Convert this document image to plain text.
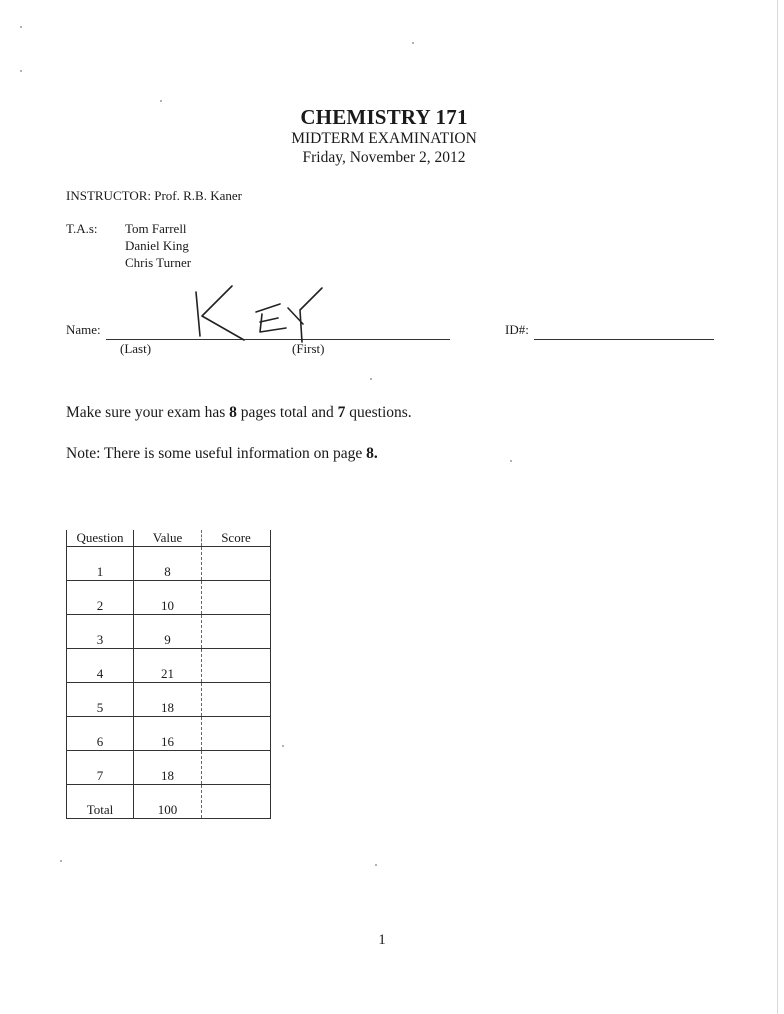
CHEMISTRY 171
MIDTERM EXAMINATION
Friday, November 2, 2012
INSTRUCTOR: Prof. R.B. Kaner
T.A.s: Tom Farrell
Daniel King
Chris Turner
Name:
(Last)	(First)
ID#:
Make sure your exam has 8 pages total and 7 questions.
Note: There is some useful information on page 8.
Question	Value	Score
1	8	
2	10	
3	9	
4	21	
5	18	
6	16	
7	18	
Total	100	
1
